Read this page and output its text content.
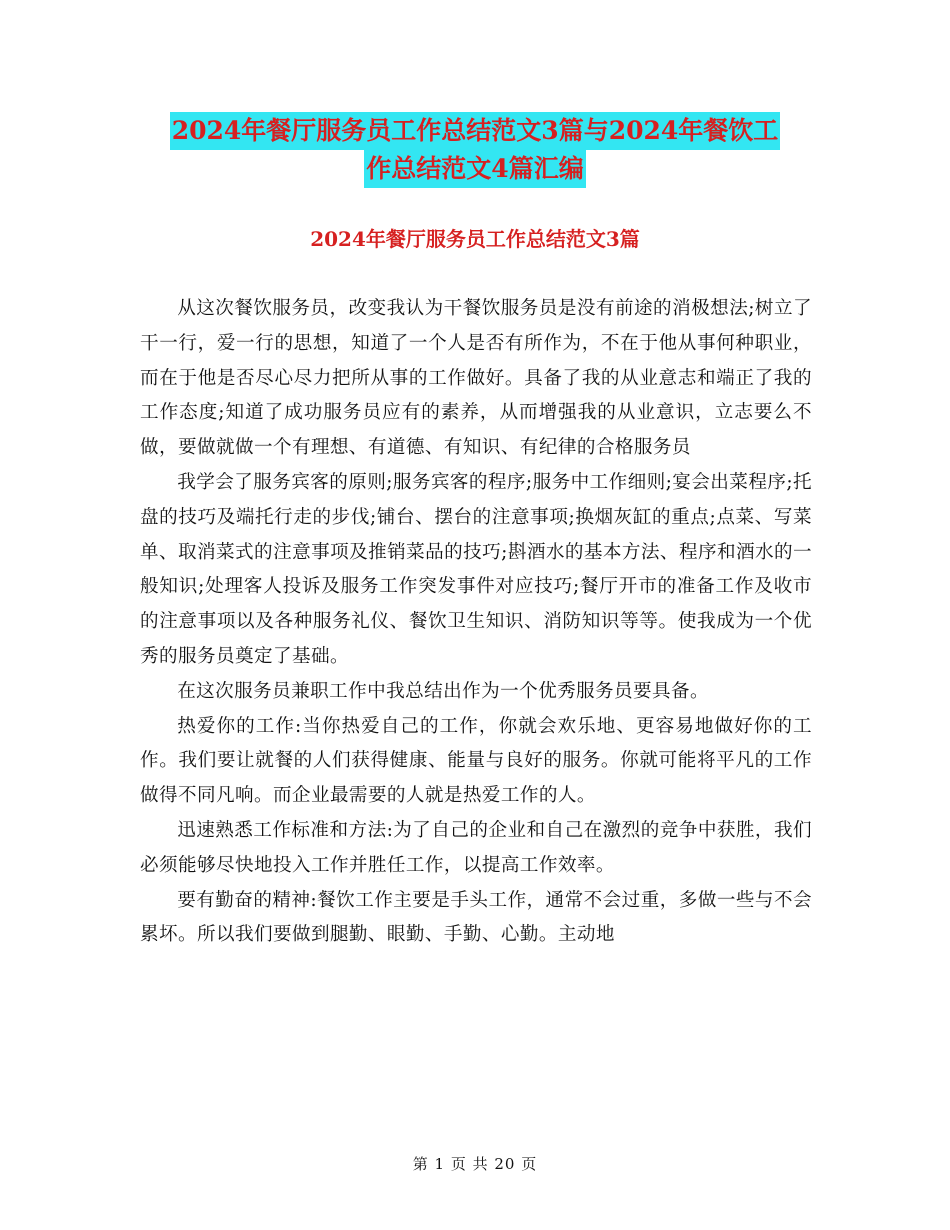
2024年餐厅服务员工作总结范文3篇与2024年餐饮工
作总结范文4篇汇编
2024年餐厅服务员工作总结范文3篇

从这次餐饮服务员，改变我认为干餐饮服务员是没有前途的消极想法;树立了干一行，爱一行的思想，知道了一个人是否有所作为，不在于他从事何种职业，而在于他是否尽心尽力把所从事的工作做好。具备了我的从业意志和端正了我的工作态度;知道了成功服务员应有的素养，从而增强我的从业意识，立志要么不做，要做就做一个有理想、有道德、有知识、有纪律的合格服务员

我学会了服务宾客的原则;服务宾客的程序;服务中工作细则;宴会出菜程序;托盘的技巧及端托行走的步伐;铺台、摆台的注意事项;换烟灰缸的重点;点菜、写菜单、取消菜式的注意事项及推销菜品的技巧;斟酒水的基本方法、程序和酒水的一般知识;处理客人投诉及服务工作突发事件对应技巧;餐厅开市的准备工作及收市的注意事项以及各种服务礼仪、餐饮卫生知识、消防知识等等。使我成为一个优秀的服务员奠定了基础。

在这次服务员兼职工作中我总结出作为一个优秀服务员要具备。

热爱你的工作:当你热爱自己的工作，你就会欢乐地、更容易地做好你的工作。我们要让就餐的人们获得健康、能量与良好的服务。你就可能将平凡的工作做得不同凡响。而企业最需要的人就是热爱工作的人。

迅速熟悉工作标准和方法:为了自己的企业和自己在激烈的竞争中获胜，我们必须能够尽快地投入工作并胜任工作，以提高工作效率。

要有勤奋的精神:餐饮工作主要是手头工作，通常不会过重，多做一些与不会累坏。所以我们要做到腿勤、眼勤、手勤、心勤。主动地

第 1 页 共 20 页
